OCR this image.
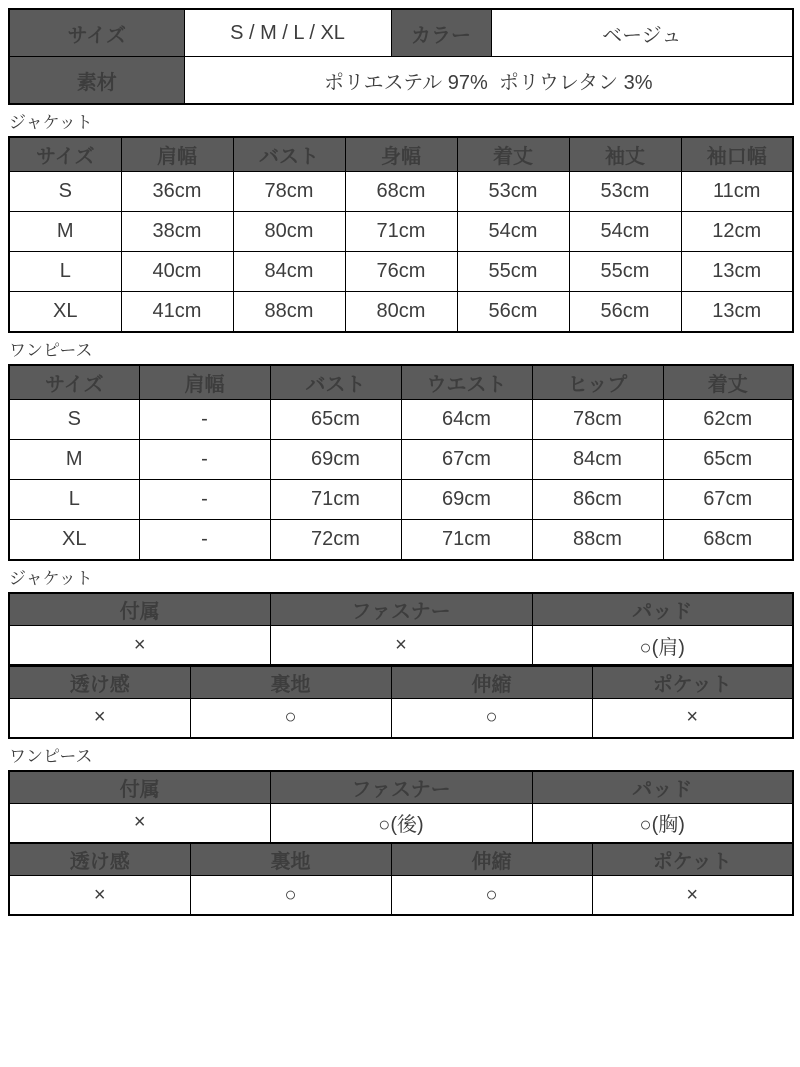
サイズ	S / M / L / XL	カラー	ベージュ
素材	ポリエステル 97%  ポリウレタン 3%		
ジャケット
サイズ	肩幅	バスト	身幅	着丈	袖丈	袖口幅
S	36cm	78cm	68cm	53cm	53cm	11cm
M	38cm	80cm	71cm	54cm	54cm	12cm
L	40cm	84cm	76cm	55cm	55cm	13cm
XL	41cm	88cm	80cm	56cm	56cm	13cm
ワンピース
サイズ	肩幅	バスト	ウエスト	ヒップ	着丈
S	-	65cm	64cm	78cm	62cm
M	-	69cm	67cm	84cm	65cm
L	-	71cm	69cm	86cm	67cm
XL	-	72cm	71cm	88cm	68cm
ジャケット
付属	ファスナー	パッド
×	×	○(肩)
透け感	裏地	伸縮	ポケット
×	○	○	×
ワンピース
付属	ファスナー	パッド
×	○(後)	○(胸)
透け感	裏地	伸縮	ポケット
×	○	○	×
